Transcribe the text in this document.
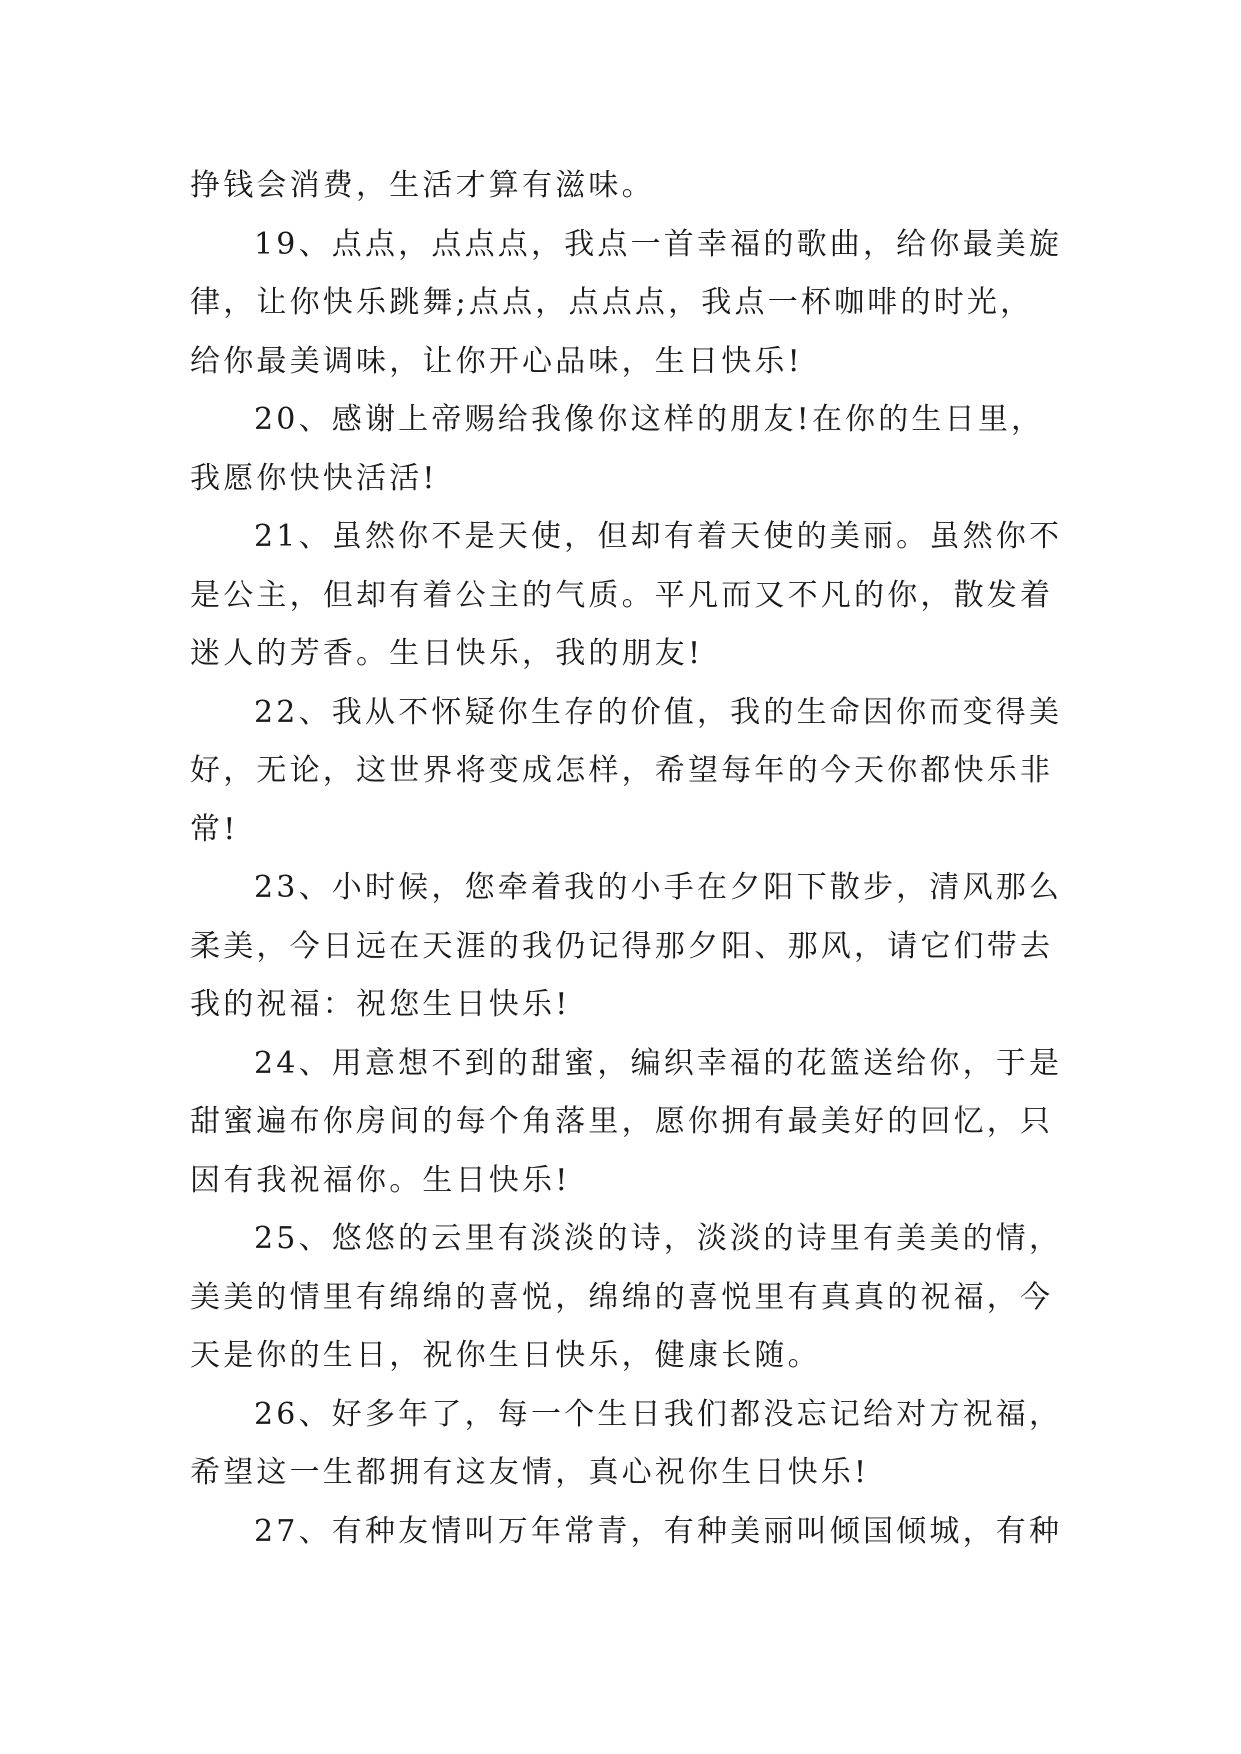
挣钱会消费，生活才算有滋味。
19、点点，点点点，我点一首幸福的歌曲，给你最美旋
律，让你快乐跳舞;点点，点点点，我点一杯咖啡的时光，
给你最美调味，让你开心品味，生日快乐!
20、感谢上帝赐给我像你这样的朋友!在你的生日里，
我愿你快快活活!
21、虽然你不是天使，但却有着天使的美丽。虽然你不
是公主，但却有着公主的气质。平凡而又不凡的你，散发着
迷人的芳香。生日快乐，我的朋友!
22、我从不怀疑你生存的价值，我的生命因你而变得美
好，无论，这世界将变成怎样，希望每年的今天你都快乐非
常!
23、小时候，您牵着我的小手在夕阳下散步，清风那么
柔美，今日远在天涯的我仍记得那夕阳、那风，请它们带去
我的祝福：祝您生日快乐!
24、用意想不到的甜蜜，编织幸福的花篮送给你，于是
甜蜜遍布你房间的每个角落里，愿你拥有最美好的回忆，只
因有我祝福你。生日快乐!
25、悠悠的云里有淡淡的诗，淡淡的诗里有美美的情，
美美的情里有绵绵的喜悦，绵绵的喜悦里有真真的祝福，今
天是你的生日，祝你生日快乐，健康长随。
26、好多年了，每一个生日我们都没忘记给对方祝福，
希望这一生都拥有这友情，真心祝你生日快乐!
27、有种友情叫万年常青，有种美丽叫倾国倾城，有种
